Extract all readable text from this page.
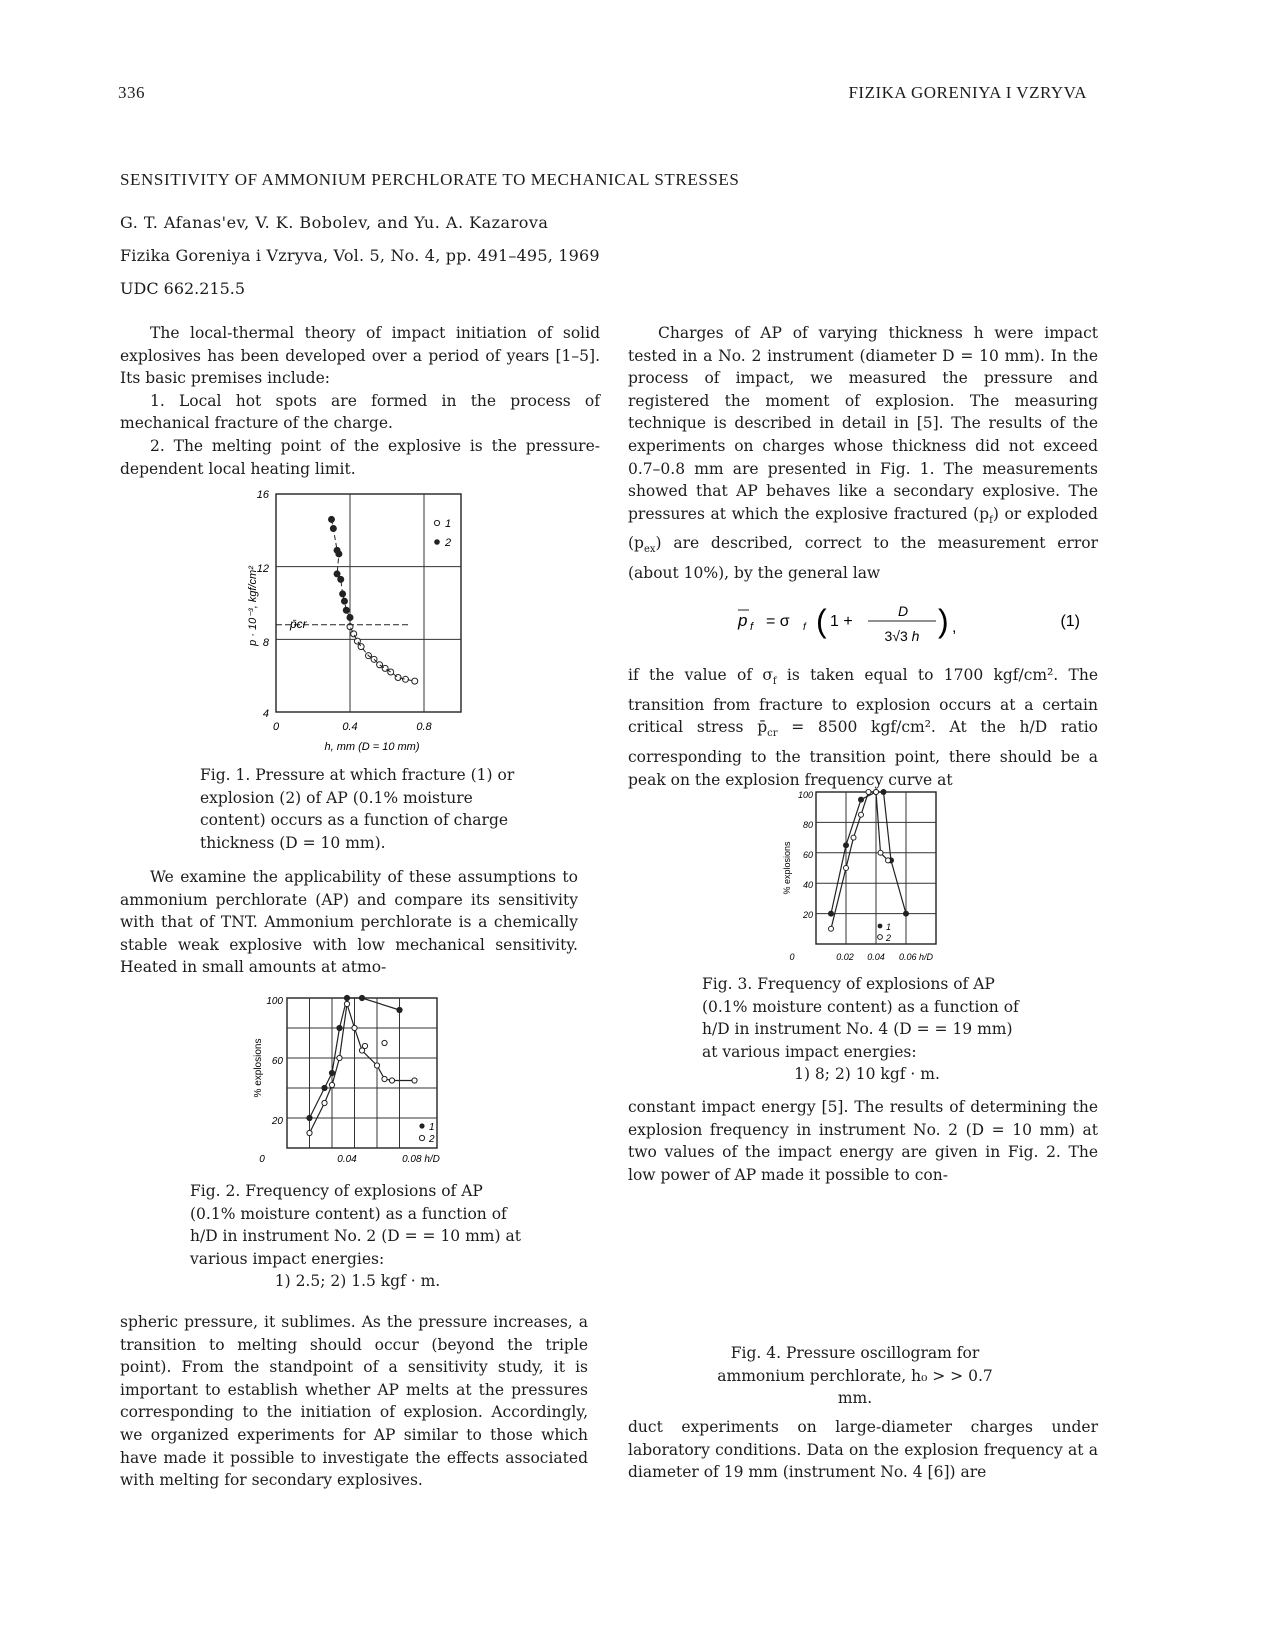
336	FIZIKA GORENIYA I VZRYVA
SENSITIVITY OF AMMONIUM PERCHLORATE TO MECHANICAL STRESSES
G. T. Afanas'ev, V. K. Bobolev, and Yu. A. Kazarova
Fizika Goreniya i Vzryva, Vol. 5, No. 4, pp. 491–495, 1969
UDC 662.215.5

The local-thermal theory of impact initiation of solid explosives has been developed over a period of years [1–5]. Its basic premises include:

1. Local hot spots are formed in the process of mechanical fracture of the charge.

2. The melting point of the explosive is the pressure-dependent local heating limit.

16
12
8
4
0	0.4	0.8
h, mm (D = 10 mm)
p · 10⁻³, kgf/cm²	p̄cr
1
2
Fig. 1. Pressure at which fracture (1) or explosion (2) of AP (0.1% moisture content) occurs as a function of charge thickness (D = 10 mm).

We examine the applicability of these assumptions to ammonium perchlorate (AP) and compare its sensitivity with that of TNT. Ammonium perchlorate is a chemically stable weak explosive with low mechanical sensitivity. Heated in small amounts at atmo-

100
60
20
0	0.04	0.08 h/D
% explosions
1
2
Fig. 2. Frequency of explosions of AP (0.1% moisture content) as a function of h/D in instrument No. 2 (D = = 10 mm) at various impact energies:
1) 2.5; 2) 1.5 kgf · m.

spheric pressure, it sublimes. As the pressure increases, a transition to melting should occur (beyond the triple point). From the standpoint of a sensitivity study, it is important to establish whether AP melts at the pressures corresponding to the initiation of explosion. Accordingly, we organized experiments for AP similar to those which have made it possible to investigate the effects associated with melting for secondary explosives.

Charges of AP of varying thickness h were impact tested in a No. 2 instrument (diameter D = 10 mm). In the process of impact, we measured the pressure and registered the moment of explosion. The measuring technique is described in detail in [5]. The results of the experiments on charges whose thickness did not exceed 0.7–0.8 mm are presented in Fig. 1. The measurements showed that AP behaves like a secondary explosive. The pressures at which the explosive fractured $(p_f)$ or exploded $(p_{ex})$ are described, correct to the measurement error (about 10%), by the general law

p f = σ f ( 1 +
D
3√3 h ) ,	(1)

if the value of $\sigma_f$ is taken equal to 1700 kgf/cm². The transition from fracture to explosion occurs at a certain critical stress $p̄_{cr} = 8500$ kgf/cm². At the h/D ratio corresponding to the transition point, there should be a peak on the explosion frequency curve at

100
80
60
40
20
0	0.02 0.04 0.06 h/D
% explosions
1
2
Fig. 3. Frequency of explosions of AP (0.1% moisture content) as a function of h/D in instrument No. 4 (D = = 19 mm) at various impact energies:
1) 8; 2) 10 kgf · m.

constant impact energy [5]. The results of determining the explosion frequency in instrument No. 2 (D = 10 mm) at two values of the impact energy are given in Fig. 2. The low power of AP made it possible to con-

Fig. 4. Pressure oscillogram for ammonium perchlorate, h₀ > > 0.7 mm.

duct experiments on large-diameter charges under laboratory conditions. Data on the explosion frequency at a diameter of 19 mm (instrument No. 4 [6]) are
